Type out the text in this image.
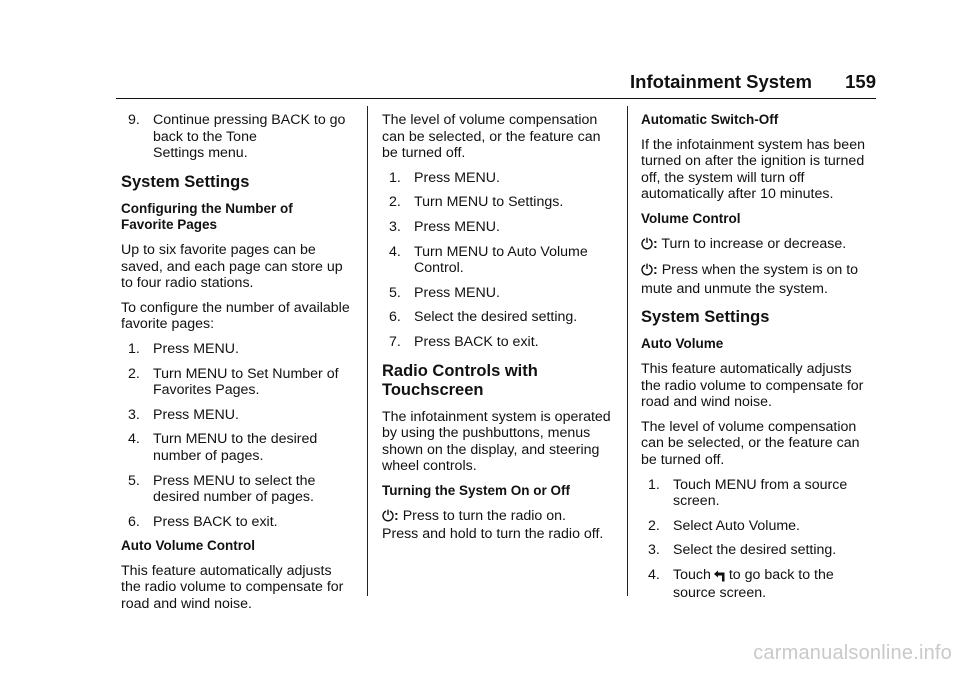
Infotainment System 159
9. Continue pressing BACK to go
back to the Tone
Settings menu.
System Settings
Configuring the Number of
Favorite Pages

Up to six favorite pages can be
saved, and each page can store up
to four radio stations.

To configure the number of available
favorite pages:

1. Press MENU.
2. Turn MENU to Set Number of
Favorites Pages.
3. Press MENU.
4. Turn MENU to the desired
number of pages.
5. Press MENU to select the
desired number of pages.
6. Press BACK to exit.
Auto Volume Control

This feature automatically adjusts
the radio volume to compensate for
road and wind noise.

The level of volume compensation
can be selected, or the feature can
be turned off.

1. Press MENU.
2. Turn MENU to Settings.
3. Press MENU.
4. Turn MENU to Auto Volume
Control.
5. Press MENU.
6. Select the desired setting.
7. Press BACK to exit.
Radio Controls with
Touchscreen

The infotainment system is operated
by using the pushbuttons, menus
shown on the display, and steering
wheel controls.

Turning the System On or Off

: Press to turn the radio on.
Press and hold to turn the radio off.

Automatic Switch-Off

If the infotainment system has been
turned on after the ignition is turned
off, the system will turn off
automatically after 10 minutes.

Volume Control

: Turn to increase or decrease.

: Press when the system is on to
mute and unmute the system.

System Settings
Auto Volume

This feature automatically adjusts
the radio volume to compensate for
road and wind noise.

The level of volume compensation
can be selected, or the feature can
be turned off.

1. Touch MENU from a source
screen.
2. Select Auto Volume.
3. Select the desired setting.
4. Touch to go back to the
source screen.
carmanualsonline.info
